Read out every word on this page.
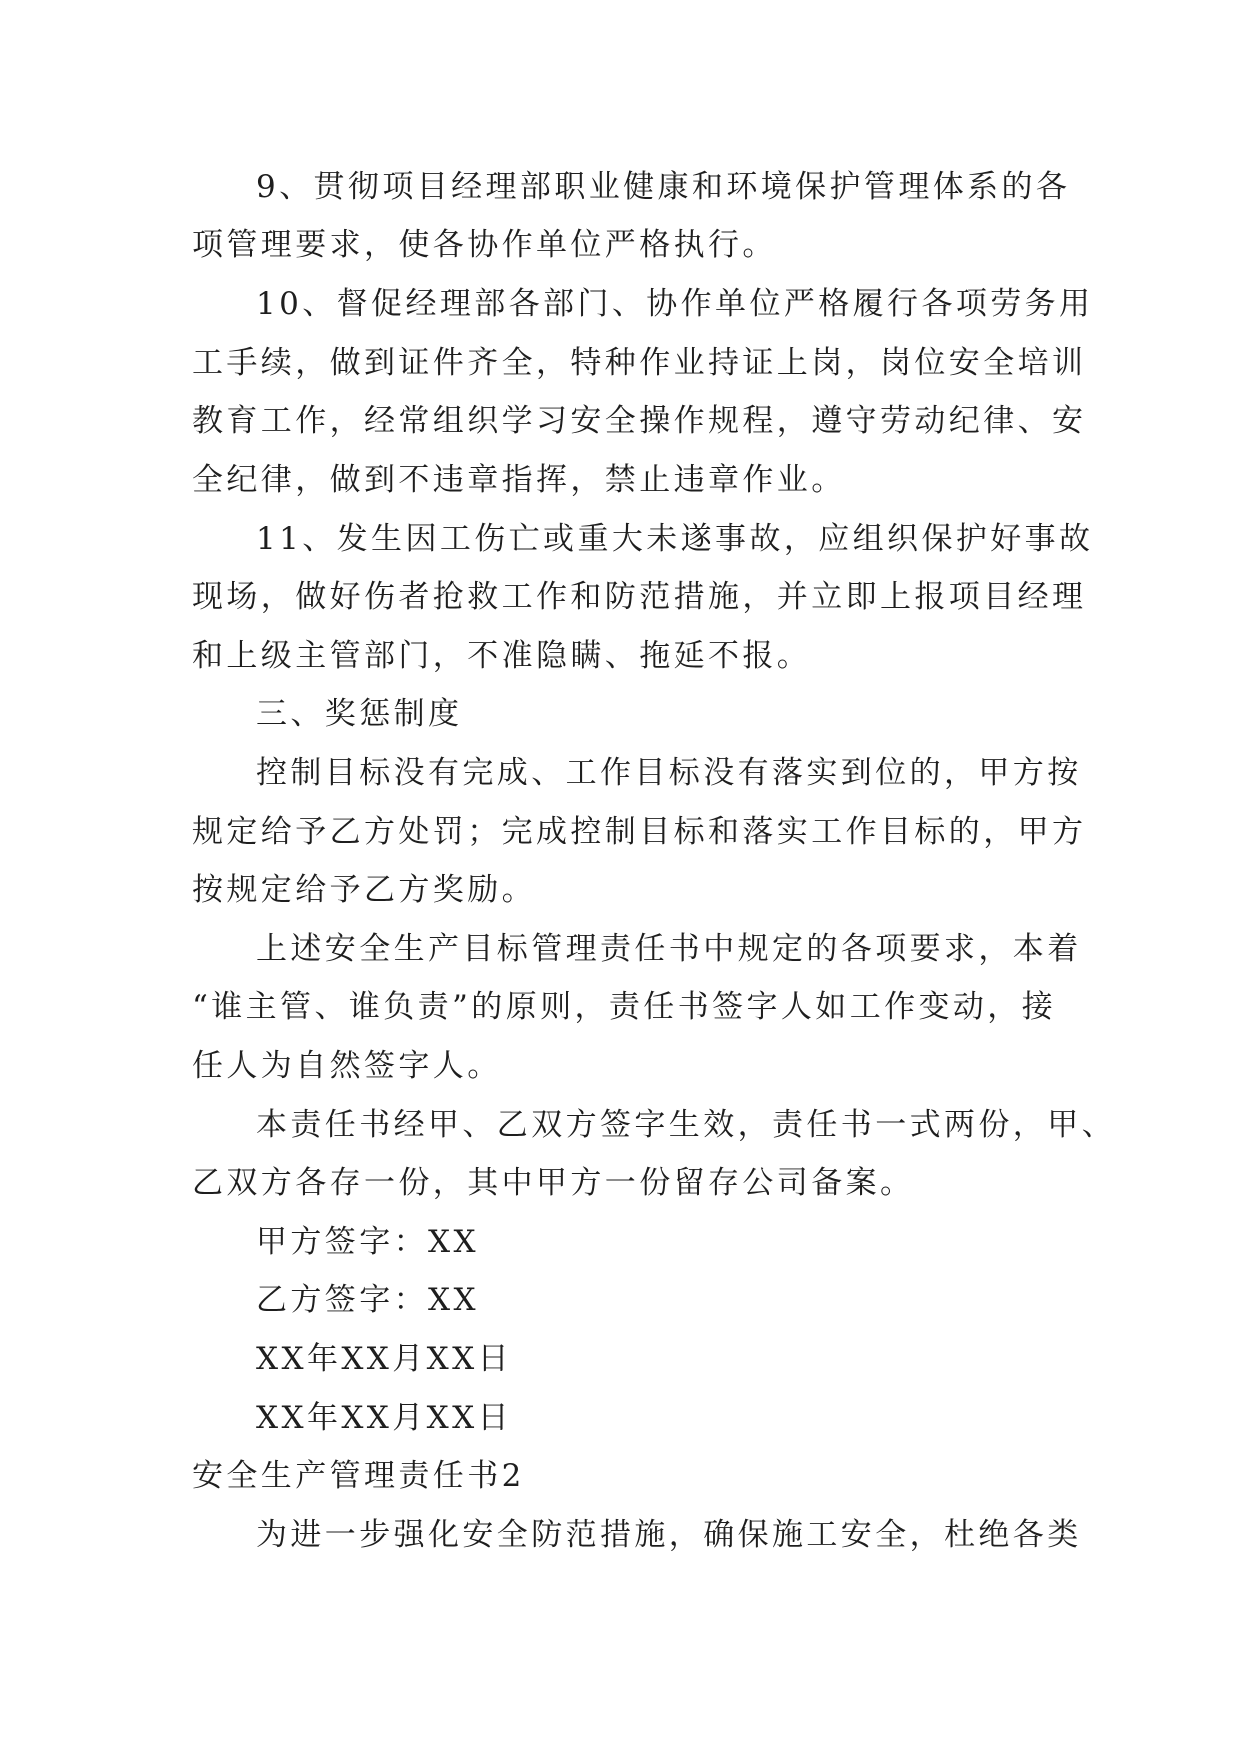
9、贯彻项目经理部职业健康和环境保护管理体系的各
项管理要求，使各协作单位严格执行。
10、督促经理部各部门、协作单位严格履行各项劳务用
工手续，做到证件齐全，特种作业持证上岗，岗位安全培训
教育工作，经常组织学习安全操作规程，遵守劳动纪律、安
全纪律，做到不违章指挥，禁止违章作业。
11、发生因工伤亡或重大未遂事故，应组织保护好事故
现场，做好伤者抢救工作和防范措施，并立即上报项目经理
和上级主管部门，不准隐瞒、拖延不报。
三、奖惩制度
控制目标没有完成、工作目标没有落实到位的，甲方按
规定给予乙方处罚；完成控制目标和落实工作目标的，甲方
按规定给予乙方奖励。
上述安全生产目标管理责任书中规定的各项要求，本着
“谁主管、谁负责”的原则，责任书签字人如工作变动，接
任人为自然签字人。
本责任书经甲、乙双方签字生效，责任书一式两份，甲、
乙双方各存一份，其中甲方一份留存公司备案。
甲方签字：XX
乙方签字：XX
XX年XX月XX日
XX年XX月XX日
安全生产管理责任书2
为进一步强化安全防范措施，确保施工安全，杜绝各类
